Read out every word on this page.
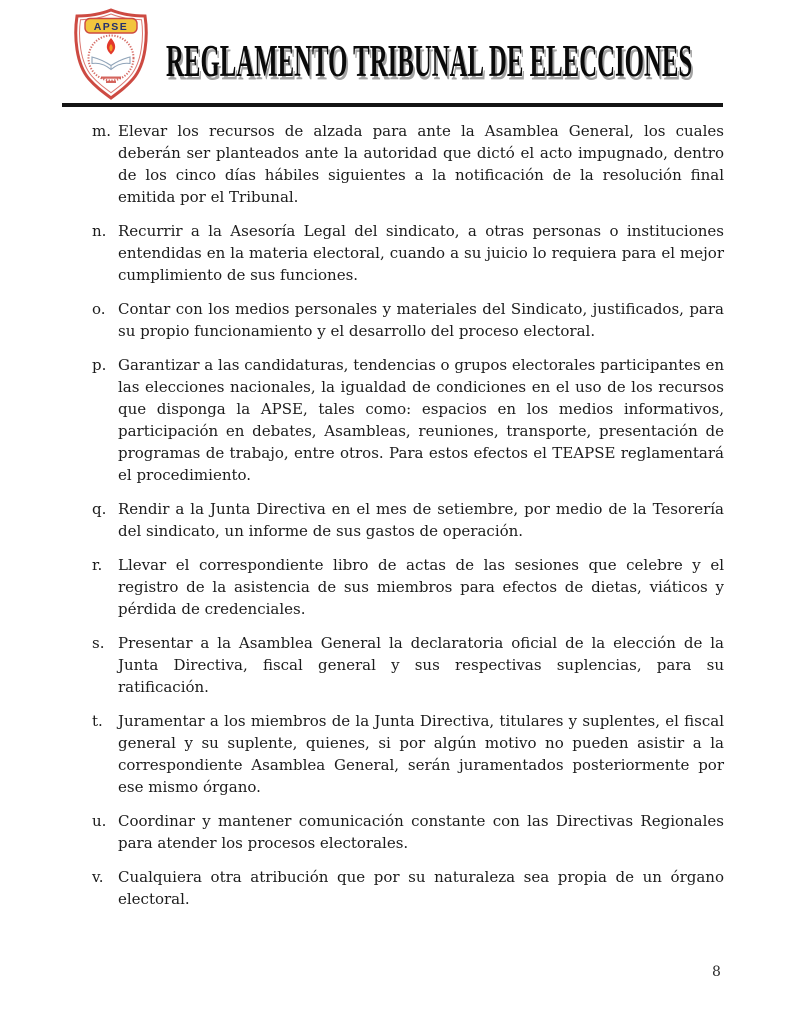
APSE
REGLAMENTO TRIBUNAL DE ELECCIONES
m. Elevar los recursos de alzada para ante la Asamblea General, los cuales deberán ser planteados ante la autoridad que dictó el acto impugnado, dentro de los cinco días hábiles siguientes a la notificación de la resolución final emitida por el Tribunal.
n. Recurrir a la Asesoría Legal del sindicato, a otras personas o instituciones entendidas en la materia electoral, cuando a su juicio lo requiera para el mejor cumplimiento de sus funciones.
o. Contar con los medios personales y materiales del Sindicato, justificados, para su propio funcionamiento y el desarrollo del proceso electoral.
p. Garantizar a las candidaturas, tendencias o grupos electorales participantes en las elecciones nacionales, la igualdad de condiciones en el uso de los recursos que disponga la APSE, tales como: espacios en los medios informativos, participación en debates, Asambleas, reuniones, transporte, presentación de programas de trabajo, entre otros. Para estos efectos el TEAPSE reglamentará el procedimiento.
q. Rendir a la Junta Directiva en el mes de setiembre, por medio de la Tesorería del sindicato, un informe de sus gastos de operación.
r.	Llevar el correspondiente libro de actas de las sesiones que celebre y el registro de la asistencia de sus miembros para efectos de dietas, viáticos y pérdida de credenciales.
s. Presentar a la Asamblea General la declaratoria oficial de la elección de la Junta Directiva, fiscal general y sus respectivas suplencias, para su ratificación.
t.	Juramentar a los miembros de la Junta Directiva, titulares y suplentes, el fiscal general y su suplente, quienes, si por algún motivo no pueden asistir a la correspondiente Asamblea General, serán juramentados posteriormente por ese mismo órgano.
u. Coordinar y mantener comunicación constante con las Directivas Regionales para atender los procesos electorales.
v. Cualquiera otra atribución que por su naturaleza sea propia de un órgano electoral.
8
